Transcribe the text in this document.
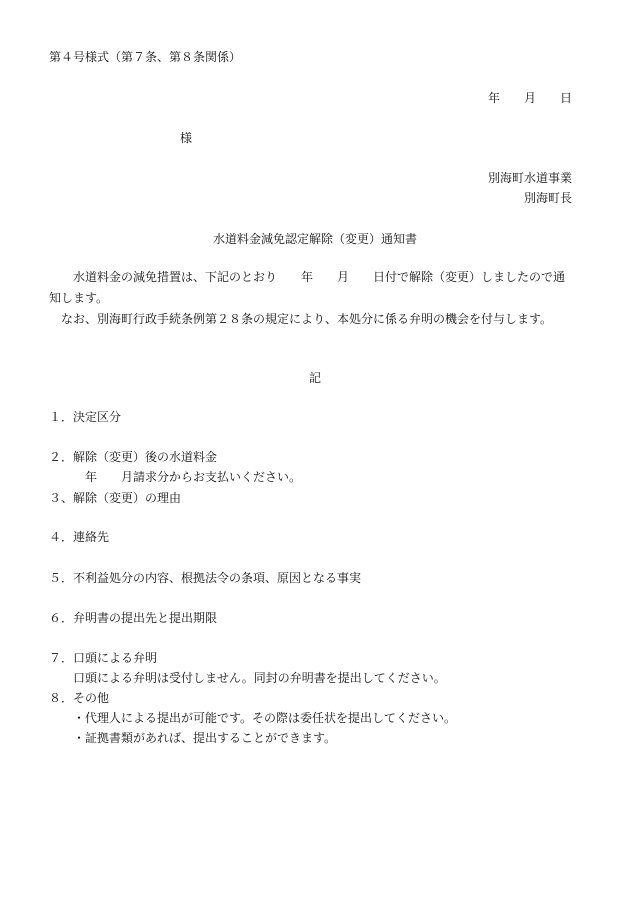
第４号様式（第７条、第８条関係）
年　　月　　日
様
別海町水道事業
別海町長
水道料金減免認定解除（変更）通知書
　　水道料金の減免措置は、下記のとおり　　年　　月　　日付で解除（変更）しましたので通
知します。
　なお、別海町行政手続条例第２８条の規定により、本処分に係る弁明の機会を付与します。
記
１．決定区分
２．解除（変更）後の水道料金
　　　年　　月請求分からお支払いください。
３、解除（変更）の理由
４．連絡先
５．不利益処分の内容、根拠法令の条項、原因となる事実
６．弁明書の提出先と提出期限
７．口頭による弁明
口頭による弁明は受付しません。同封の弁明書を提出してください。
８．その他
・代理人による提出が可能です。その際は委任状を提出してください。
・証拠書類があれば、提出することができます。
